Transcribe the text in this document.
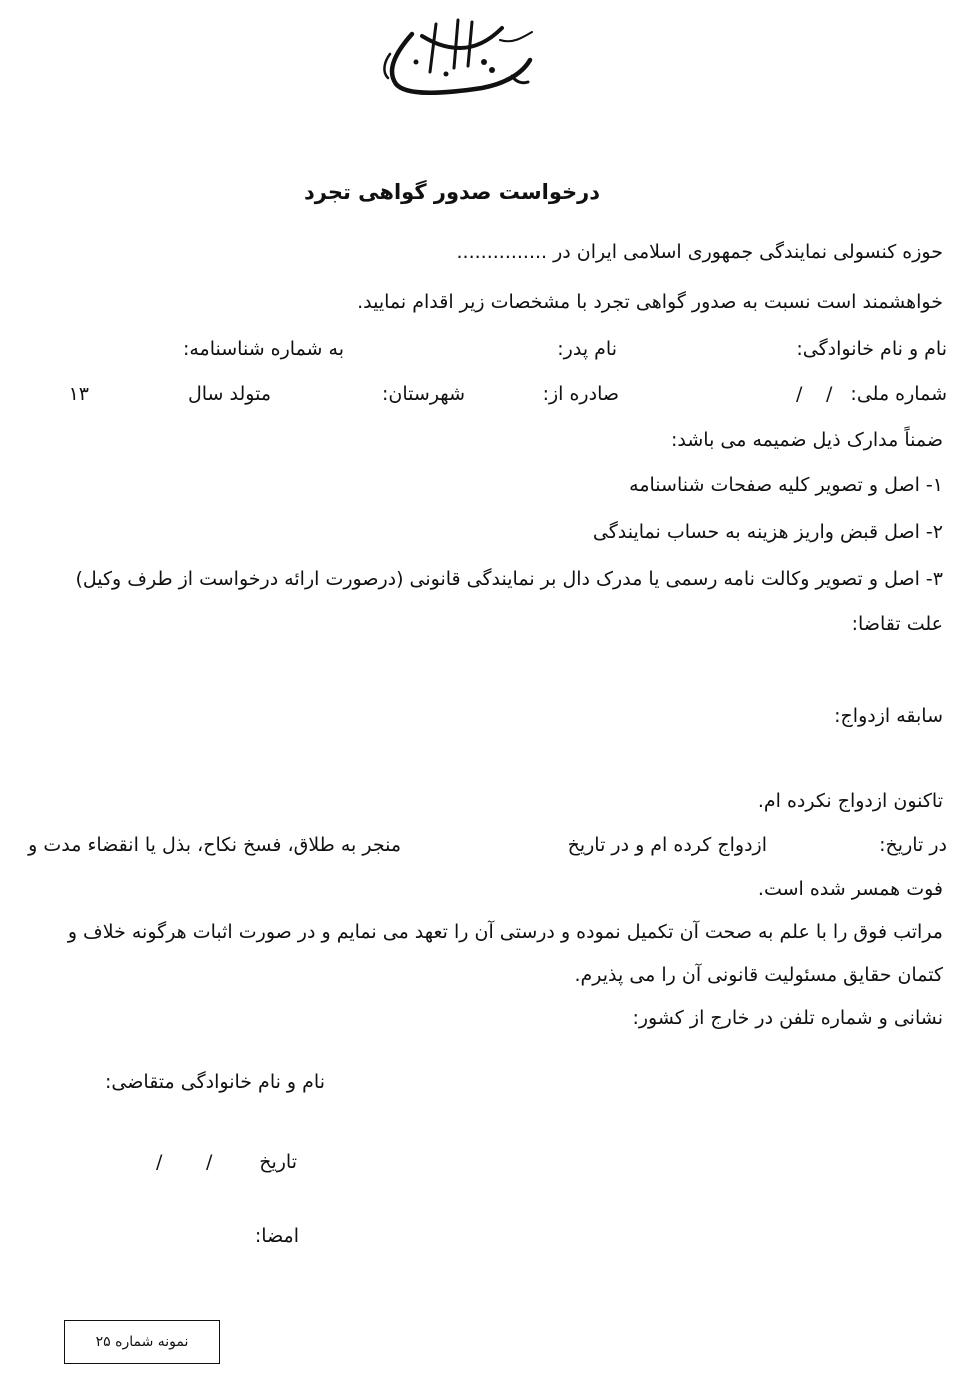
درخواست صدور گواهی تجرد
حوزه کنسولی نمایندگی جمهوری اسلامی ایران در ...............
خواهشمند است نسبت به صدور گواهی تجرد با مشخصات زیر اقدام نمایید.
نام و نام خانوادگی:
نام پدر:
به شماره شناسنامه:
شماره ملی:
صادره از:
شهرستان:
متولد سال	/ /
۱۳
ضمناً مدارک ذیل ضمیمه می باشد:
۱- اصل و تصویر کلیه صفحات شناسنامه
۲- اصل قبض واریز هزینه به حساب نمایندگی
۳- اصل و تصویر وکالت نامه رسمی یا مدرک دال بر نمایندگی قانونی (درصورت ارائه درخواست از طرف وکیل)
علت تقاضا:
سابقه ازدواج:
تاکنون ازدواج نکرده ام.
در تاریخ:
ازدواج کرده ام و در تاریخ
منجر به طلاق، فسخ نکاح، بذل یا انقضاء مدت و
فوت همسر شده است.
مراتب فوق را با علم به صحت آن تکمیل نموده و درستی آن را تعهد می نمایم و در صورت اثبات هرگونه خلاف و
کتمان حقایق مسئولیت قانونی آن را می پذیرم.
نشانی و شماره تلفن در خارج از کشور:
نام و نام خانوادگی متقاضی:
تاریخ
/
/
امضا:
نمونه شماره ۲۵
